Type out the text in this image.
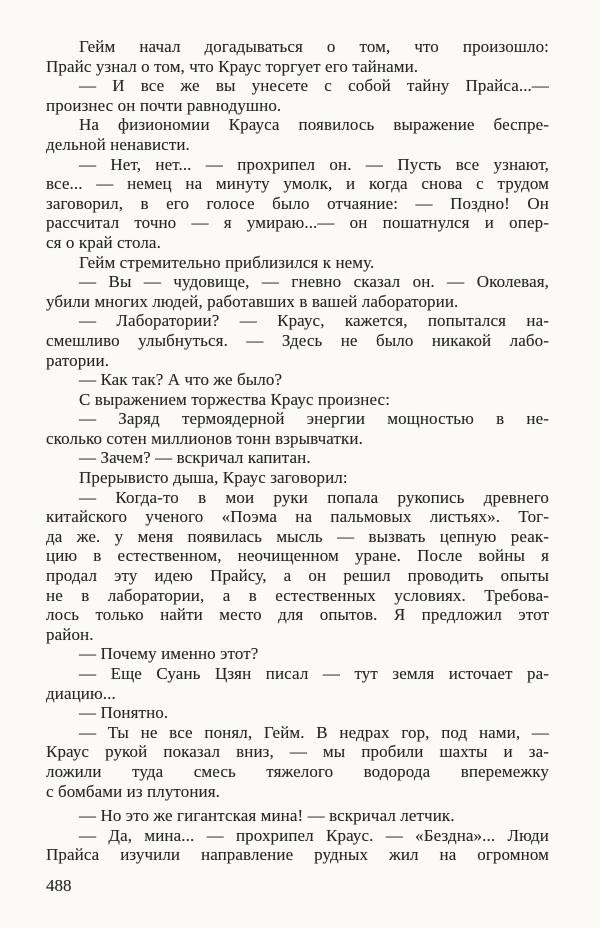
Гейм начал догадываться о том, что произошло:
Прайс узнал о том, что Краус торгует его тайнами.
— И все же вы унесете с собой тайну Прайса...—
произнес он почти равнодушно.
На физиономии Крауса появилось выражение беспре-
дельной ненависти.
— Нет, нет... — прохрипел он. — Пусть все узнают,
все... — немец на минуту умолк, и когда снова с трудом
заговорил, в его голосе было отчаяние: — Поздно! Он
рассчитал точно — я умираю...— он пошатнулся и опер-
ся о край стола.
Гейм стремительно приблизился к нему.
— Вы — чудовище, — гневно сказал он. — Околевая,
убили многих людей, работавших в вашей лаборатории.
— Лаборатории? — Краус, кажется, попытался на-
смешливо улыбнуться. — Здесь не было никакой лабо-
ратории.
— Как так? А что же было?
С выражением торжества Краус произнес:
— Заряд термоядерной энергии мощностью в не-
сколько сотен миллионов тонн взрывчатки.
— Зачем? — вскричал капитан.
Прерывисто дыша, Краус заговорил:
— Когда-то в мои руки попала рукопись древнего
китайского ученого «Поэма на пальмовых листьях». Тог-
да же. у меня появилась мысль — вызвать цепную реак-
цию в естественном, неочищенном уране. После войны я
продал эту идею Прайсу, а он решил проводить опыты
не в лаборатории, а в естественных условиях. Требова-
лось только найти место для опытов. Я предложил этот
район.
— Почему именно этот?
— Еще Суань Цзян писал — тут земля источает ра-
диацию...
— Понятно.
— Ты не все понял, Гейм. В недрах гор, под нами, —
Краус рукой показал вниз, — мы пробили шахты и за-
ложили туда смесь тяжелого водорода вперемежку
с бомбами из плутония.
— Но это же гигантская мина! — вскричал летчик.
— Да, мина... — прохрипел Краус. — «Бездна»... Люди
Прайса изучили направление рудных жил на огромном
488
